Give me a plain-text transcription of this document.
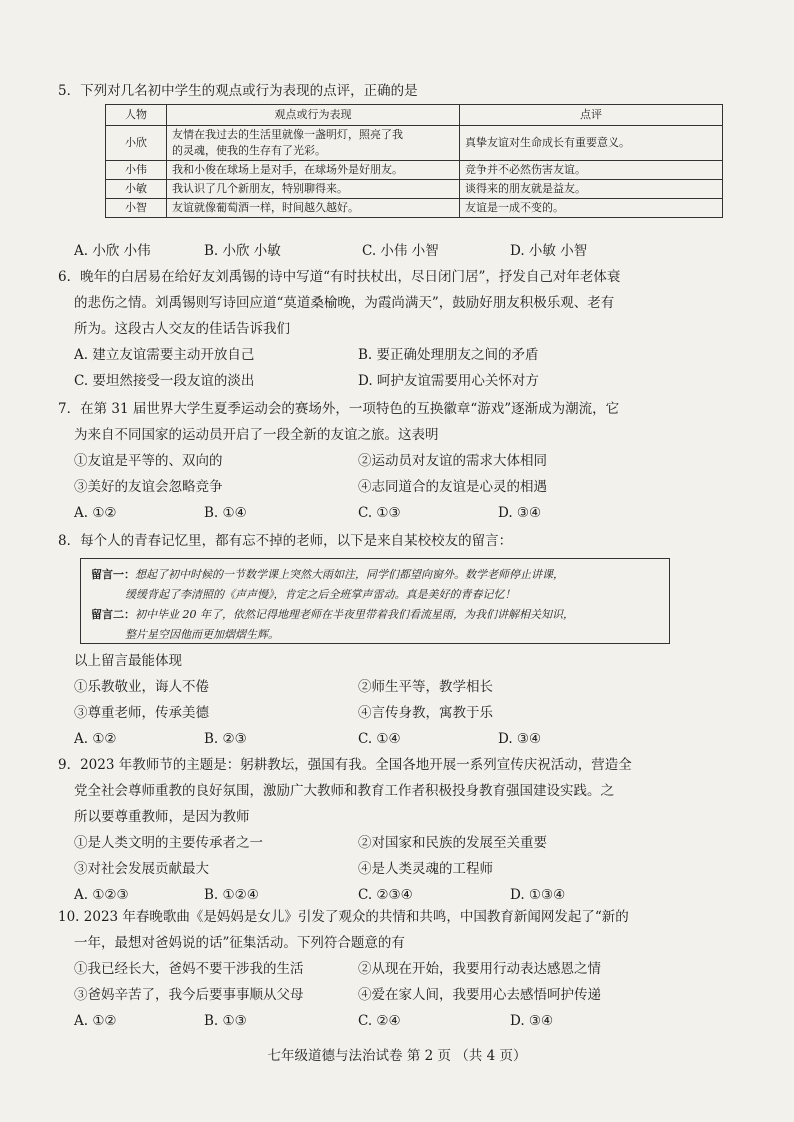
5．下列对几名初中学生的观点或行为表现的点评，正确的是
人物	观点或行为表现	点评
小欣	友情在我过去的生活里就像一盏明灯，照亮了我
的灵魂，使我的生存有了光彩。	真挚友谊对生命成长有重要意义。
小伟	我和小俊在球场上是对手，在球场外是好朋友。	竞争并不必然伤害友谊。
小敏	我认识了几个新朋友，特别聊得来。	谈得来的朋友就是益友。
小智	友谊就像葡萄酒一样，时间越久越好。	友谊是一成不变的。
A. 小欣 小伟	B. 小欣 小敏	C. 小伟 小智	D. 小敏 小智
6．晚年的白居易在给好友刘禹锡的诗中写道“有时扶杖出，尽日闭门居”，抒发自己对年老体衰
的悲伤之情。刘禹锡则写诗回应道“莫道桑榆晚，为霞尚满天”，鼓励好朋友积极乐观、老有
所为。这段古人交友的佳话告诉我们
A. 建立友谊需要主动开放自己	B. 要正确处理朋友之间的矛盾
C. 要坦然接受一段友谊的淡出	D. 呵护友谊需要用心关怀对方
7．在第 31 届世界大学生夏季运动会的赛场外，一项特色的互换徽章“游戏”逐渐成为潮流，它
为来自不同国家的运动员开启了一段全新的友谊之旅。这表明
①友谊是平等的、双向的	②运动员对友谊的需求大体相同
③美好的友谊会忽略竞争	④志同道合的友谊是心灵的相遇
A. ①②	B. ①④	C. ①③	D. ③④
8．每个人的青春记忆里，都有忘不掉的老师，以下是来自某校校友的留言：
留言一：想起了初中时候的一节数学课上突然大雨如注，同学们都望向窗外。数学老师停止讲课，
缓缓背起了李清照的《声声慢》，肯定之后全班掌声雷动。真是美好的青春记忆！
留言二：初中毕业 20 年了，依然记得地理老师在半夜里带着我们看流星雨，为我们讲解相关知识，
整片星空因他而更加熠熠生辉。
以上留言最能体现
①乐教敬业，诲人不倦	②师生平等，教学相长
③尊重老师，传承美德	④言传身教，寓教于乐
A. ①②	B. ②③	C. ①④	D. ③④
9．2023 年教师节的主题是：躬耕教坛，强国有我。全国各地开展一系列宣传庆祝活动，营造全
党全社会尊师重教的良好氛围，激励广大教师和教育工作者积极投身教育强国建设实践。之
所以要尊重教师，是因为教师
①是人类文明的主要传承者之一	②对国家和民族的发展至关重要
③对社会发展贡献最大	④是人类灵魂的工程师
A. ①②③	B. ①②④	C. ②③④	D. ①③④
10. 2023 年春晚歌曲《是妈妈是女儿》引发了观众的共情和共鸣，中国教育新闻网发起了“新的
一年，最想对爸妈说的话”征集活动。下列符合题意的有
①我已经长大，爸妈不要干涉我的生活	②从现在开始，我要用行动表达感恩之情
③爸妈辛苦了，我今后要事事顺从父母	④爱在家人间，我要用心去感悟呵护传递
A. ①②	B. ①③	C. ②④	D. ③④
七年级道德与法治试卷 第 2 页 （共 4 页）
